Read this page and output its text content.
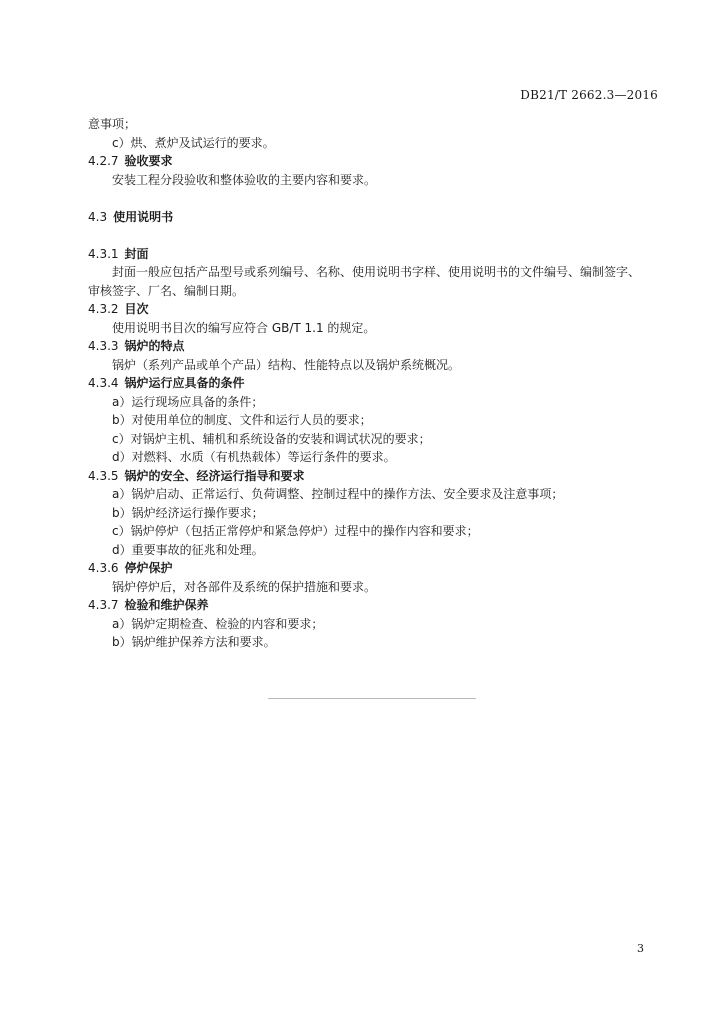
DB21/T 2662.3—2016
意事项；
c）烘、煮炉及试运行的要求。
4.2.7 验收要求
安装工程分段验收和整体验收的主要内容和要求。
4.3 使用说明书
4.3.1 封面
封面一般应包括产品型号或系列编号、名称、使用说明书字样、使用说明书的文件编号、编制签字、
审核签字、厂名、编制日期。
4.3.2 目次
使用说明书目次的编写应符合 GB/T 1.1 的规定。
4.3.3 锅炉的特点
锅炉（系列产品或单个产品）结构、性能特点以及锅炉系统概况。
4.3.4 锅炉运行应具备的条件
a）运行现场应具备的条件；
b）对使用单位的制度、文件和运行人员的要求；
c）对锅炉主机、辅机和系统设备的安装和调试状况的要求；
d）对燃料、水质（有机热载体）等运行条件的要求。
4.3.5 锅炉的安全、经济运行指导和要求
a）锅炉启动、正常运行、负荷调整、控制过程中的操作方法、安全要求及注意事项；
b）锅炉经济运行操作要求；
c）锅炉停炉（包括正常停炉和紧急停炉）过程中的操作内容和要求；
d）重要事故的征兆和处理。
4.3.6 停炉保护
锅炉停炉后，对各部件及系统的保护措施和要求。
4.3.7 检验和维护保养
a）锅炉定期检查、检验的内容和要求；
b）锅炉维护保养方法和要求。
3
